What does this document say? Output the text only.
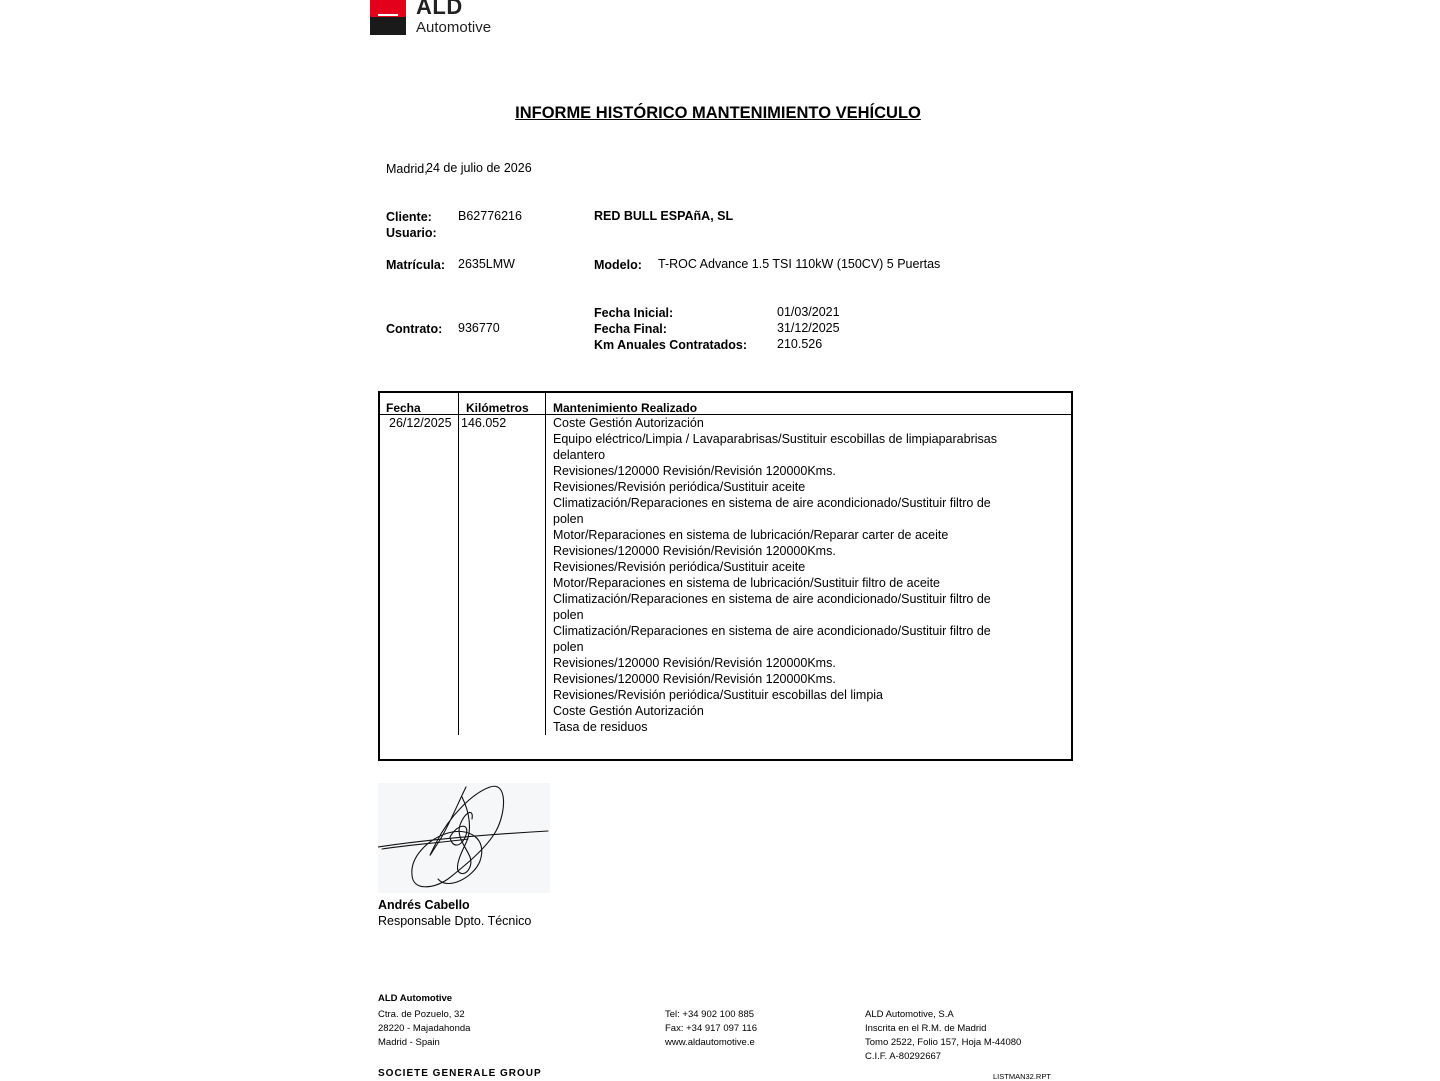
ALD
Automotive
INFORME HISTÓRICO MANTENIMIENTO VEHÍCULO
Madrid,
24 de julio de 2026
Cliente: B62776216	RED BULL ESPAñA, SL
Usuario:
Matrícula: 2635LMW	Modelo: T-ROC Advance 1.5 TSI 110kW (150CV) 5 Puertas
Fecha Inicial:	01/03/2021
Contrato: 936770	Fecha Final:	31/12/2025
Km Anuales Contratados: 210.526
Fecha	Kilómetros Mantenimiento Realizado
26/12/2025 146.052	Coste Gestión Autorización
Equipo eléctrico/Limpia / Lavaparabrisas/Sustituir escobillas de limpiaparabrisas
delantero
Revisiones/120000 Revisión/Revisión 120000Kms.
Revisiones/Revisión periódica/Sustituir aceite
Climatización/Reparaciones en sistema de aire acondicionado/Sustituir filtro de
polen
Motor/Reparaciones en sistema de lubricación/Reparar carter de aceite
Revisiones/120000 Revisión/Revisión 120000Kms.
Revisiones/Revisión periódica/Sustituir aceite
Motor/Reparaciones en sistema de lubricación/Sustituir filtro de aceite
Climatización/Reparaciones en sistema de aire acondicionado/Sustituir filtro de
polen
Climatización/Reparaciones en sistema de aire acondicionado/Sustituir filtro de
polen
Revisiones/120000 Revisión/Revisión 120000Kms.
Revisiones/120000 Revisión/Revisión 120000Kms.
Revisiones/Revisión periódica/Sustituir escobillas del limpia
Coste Gestión Autorización
Tasa de residuos
Andrés Cabello
Responsable Dpto. Técnico
ALD Automotive
Ctra. de Pozuelo, 32
28220 - Majadahonda
Madrid - Spain
Tel: +34 902 100 885
Fax: +34 917 097 116
www.aldautomotive.e
ALD Automotive, S.A
Inscrita en el R.M. de Madrid
Tomo 2522, Folio 157, Hoja M-44080
C.I.F. A-80292667
SOCIETE GENERALE GROUP	LISTMAN32.RPT
